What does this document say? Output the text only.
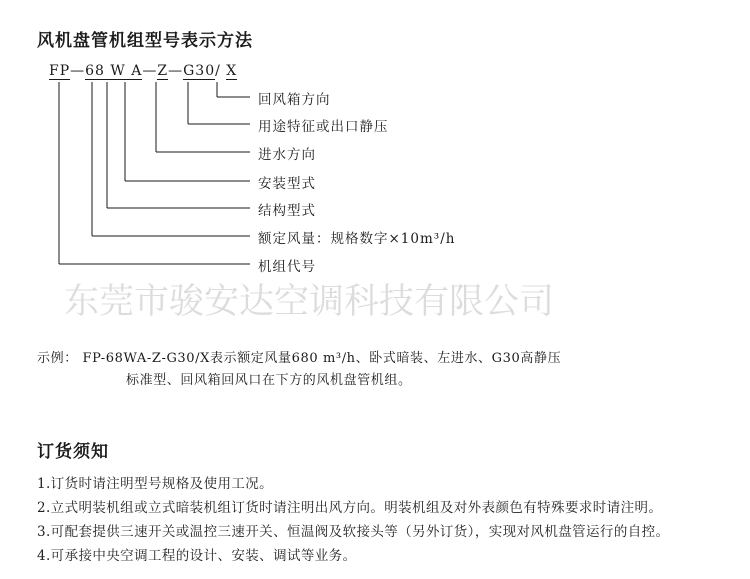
风机盘管机组型号表示方法
FP—68 W A—Z—G30/ X
回风箱方向
用途特征或出口静压
进水方向
安装型式
结构型式
额定风量：规格数字×10m³/h
机组代号
东莞市骏安达空调科技有限公司
示例： FP-68WA-Z-G30/X表示额定风量680 m³/h、卧式暗装、左进水、G30高静压
标准型、回风箱回风口在下方的风机盘管机组。
订货须知
1.订货时请注明型号规格及使用工况。
2.立式明装机组或立式暗装机组订货时请注明出风方向。明装机组及对外表颜色有特殊要求时请注明。
3.可配套提供三速开关或温控三速开关、恒温阀及软接头等（另外订货），实现对风机盘管运行的自控。
4.可承接中央空调工程的设计、安装、调试等业务。
